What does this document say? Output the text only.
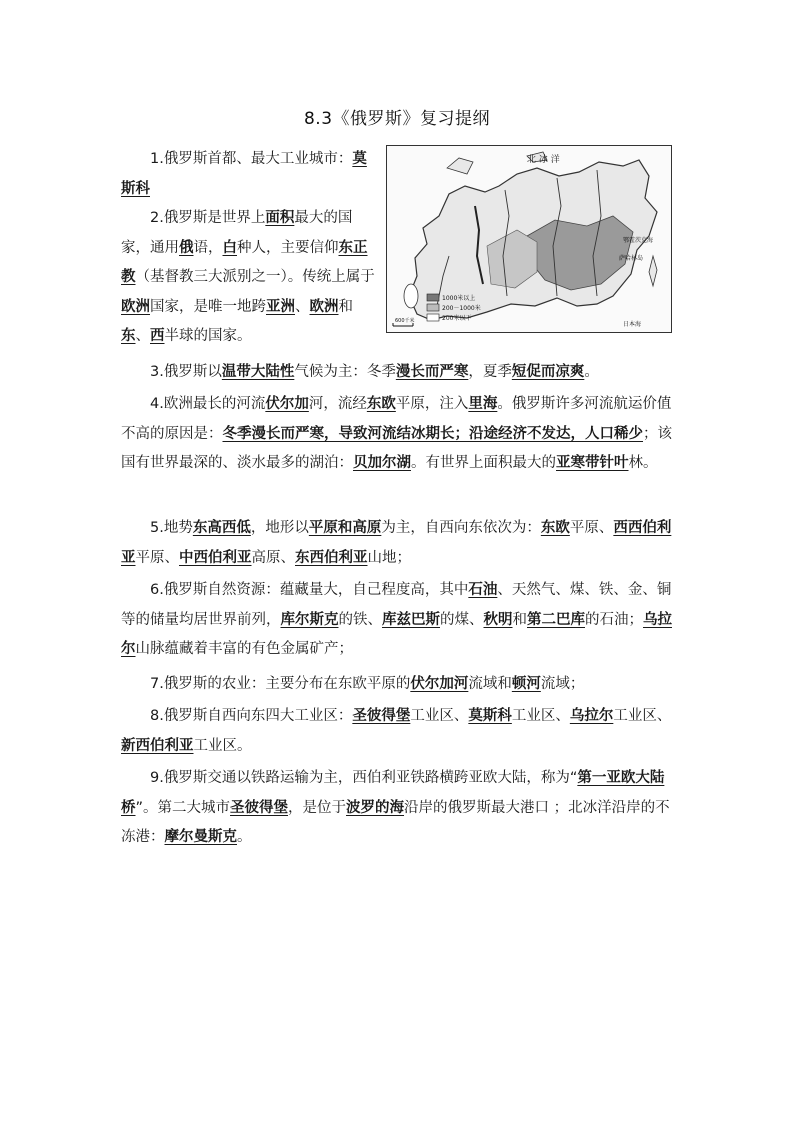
8.3《俄罗斯》复习提纲
北 冰 洋
鄂霍茨克海
萨哈林岛
日本海
1000米以上
200－1000米
200米以下
600千米
1.俄罗斯首都、最大工业城市：莫斯科
2.俄罗斯是世界上面积最大的国家，通用俄语，白种人，主要信仰东正教（基督教三大派别之一）。传统上属于欧洲国家，是唯一地跨亚洲、欧洲和东、西半球的国家。
3.俄罗斯以温带大陆性气候为主：冬季漫长而严寒，夏季短促而凉爽。
4.欧洲最长的河流伏尔加河，流经东欧平原，注入里海。俄罗斯许多河流航运价值不高的原因是：冬季漫长而严寒，导致河流结冰期长；沿途经济不发达，人口稀少；该国有世界最深的、淡水最多的湖泊：贝加尔湖。有世界上面积最大的亚寒带针叶林。
5.地势东高西低，地形以平原和高原为主，自西向东依次为：东欧平原、西西伯利亚平原、中西伯利亚高原、东西伯利亚山地；
6.俄罗斯自然资源：蕴藏量大，自己程度高，其中石油、天然气、煤、铁、金、铜等的储量均居世界前列，库尔斯克的铁、库兹巴斯的煤、秋明和第二巴库的石油；乌拉尔山脉蕴藏着丰富的有色金属矿产；
7.俄罗斯的农业：主要分布在东欧平原的伏尔加河流域和顿河流域；
8.俄罗斯自西向东四大工业区：圣彼得堡工业区、莫斯科工业区、乌拉尔工业区、新西伯利亚工业区。
9.俄罗斯交通以铁路运输为主，西伯利亚铁路横跨亚欧大陆，称为“第一亚欧大陆桥”。第二大城市圣彼得堡，是位于波罗的海沿岸的俄罗斯最大港口 ；北冰洋沿岸的不冻港：摩尔曼斯克。
